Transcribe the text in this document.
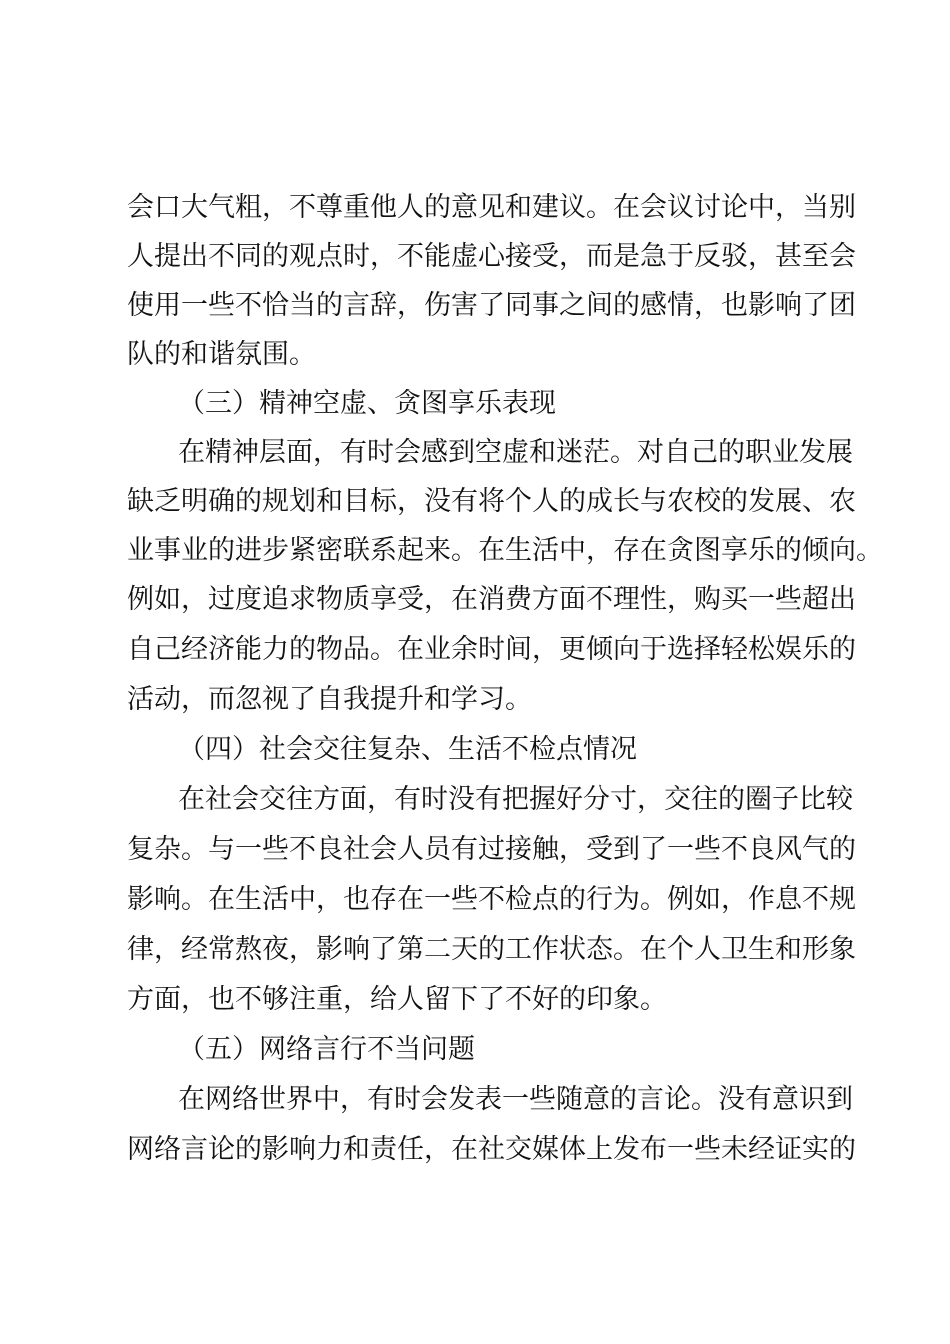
会口大气粗，不尊重他人的意见和建议。在会议讨论中，当别
人提出不同的观点时，不能虚心接受，而是急于反驳，甚至会
使用一些不恰当的言辞，伤害了同事之间的感情，也影响了团
队的和谐氛围。
（三）精神空虚、贪图享乐表现
在精神层面，有时会感到空虚和迷茫。对自己的职业发展
缺乏明确的规划和目标，没有将个人的成长与农校的发展、农
业事业的进步紧密联系起来。在生活中，存在贪图享乐的倾向。
例如，过度追求物质享受，在消费方面不理性，购买一些超出
自己经济能力的物品。在业余时间，更倾向于选择轻松娱乐的
活动，而忽视了自我提升和学习。
（四）社会交往复杂、生活不检点情况
在社会交往方面，有时没有把握好分寸，交往的圈子比较
复杂。与一些不良社会人员有过接触，受到了一些不良风气的
影响。在生活中，也存在一些不检点的行为。例如，作息不规
律，经常熬夜，影响了第二天的工作状态。在个人卫生和形象
方面，也不够注重，给人留下了不好的印象。
（五）网络言行不当问题
在网络世界中，有时会发表一些随意的言论。没有意识到
网络言论的影响力和责任，在社交媒体上发布一些未经证实的
